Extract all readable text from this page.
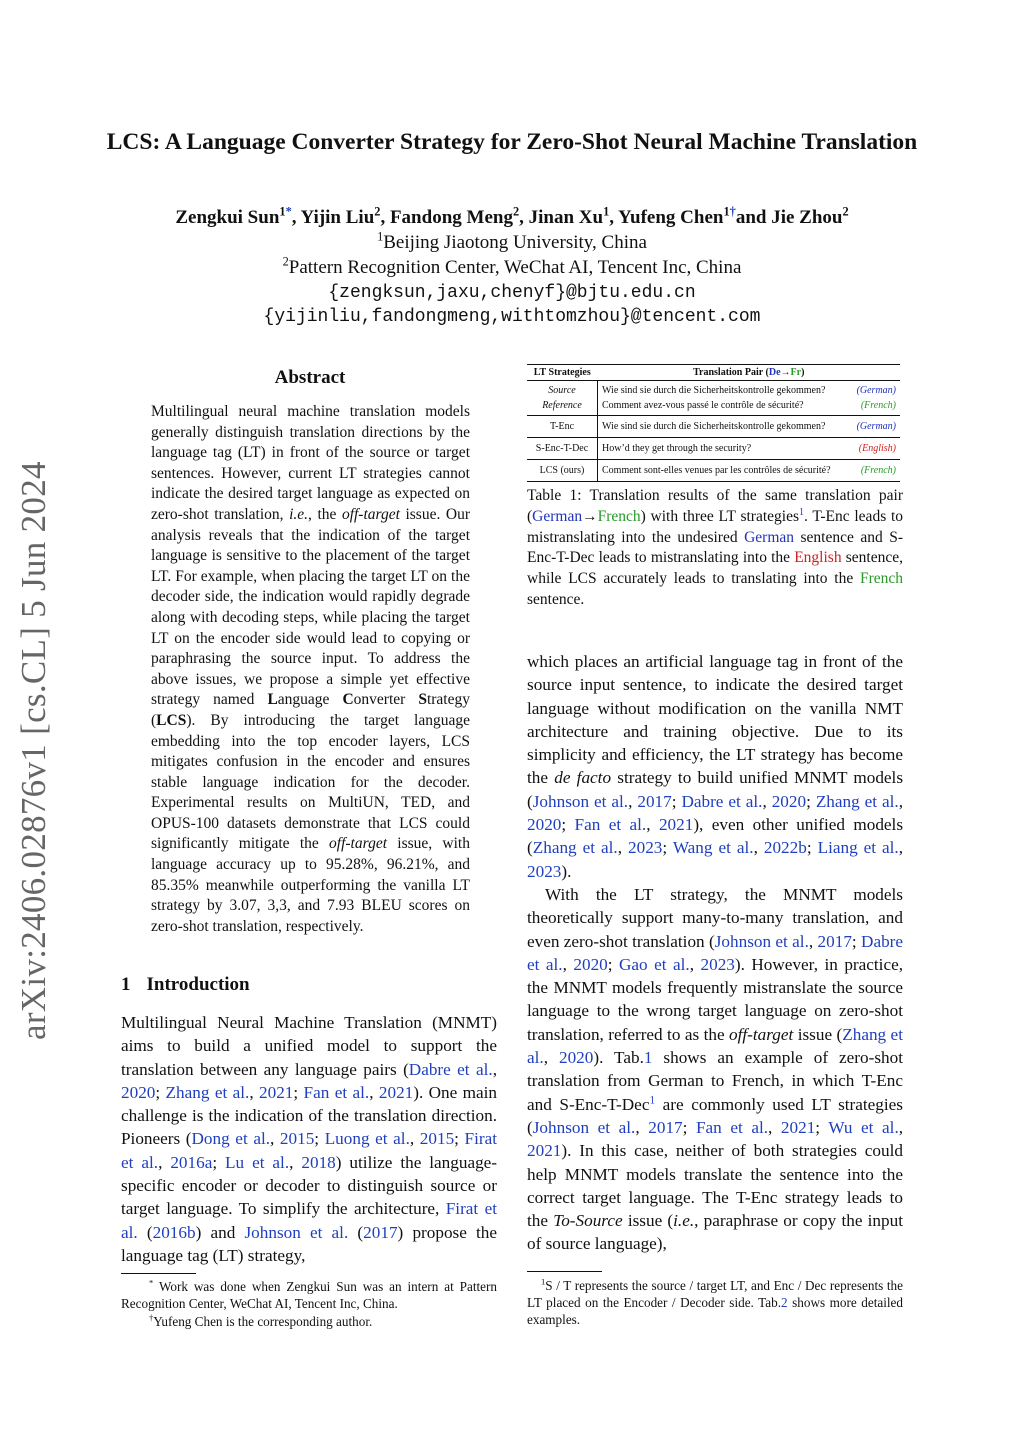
arXiv:2406.02876v1 [cs.CL] 5 Jun 2024
LCS: A Language Converter Strategy for Zero-Shot Neural Machine Translation
Zengkui Sun$^{1*}$, Yijin Liu$^2$, Fandong Meng$^2$, Jinan Xu$^1$, Yufeng Chen$^{1\dagger}$and Jie Zhou$^2$
$^1$Beijing Jiaotong University, China
$^2$Pattern Recognition Center, WeChat AI, Tencent Inc, China
{zengksun,jaxu,chenyf}@bjtu.edu.cn
{yijinliu,fandongmeng,withtomzhou}@tencent.com
Abstract
Multilingual neural machine translation models generally distinguish translation directions by the language tag (LT) in front of the source or target sentences. However, current LT strategies cannot indicate the desired target language as expected on zero-shot translation, i.e., the off-target issue. Our analysis reveals that the indication of the target language is sensitive to the placement of the target LT. For example, when placing the target LT on the decoder side, the indication would rapidly degrade along with decoding steps, while placing the target LT on the encoder side would lead to copying or paraphrasing the source input. To address the above issues, we propose a simple yet effective strategy named Language Converter Strategy (LCS). By introducing the target language embedding into the top encoder layers, LCS mitigates confusion in the encoder and ensures stable language indication for the decoder. Experimental results on MultiUN, TED, and OPUS-100 datasets demonstrate that LCS could significantly mitigate the off-target issue, with language accuracy up to 95.28%, 96.21%, and 85.35% meanwhile outperforming the vanilla LT strategy by 3.07, 3,3, and 7.93 BLEU scores on zero-shot translation, respectively.
1 Introduction

Multilingual Neural Machine Translation (MNMT) aims to build a unified model to support the translation between any language pairs (Dabre et al., 2020; Zhang et al., 2021; Fan et al., 2021). One main challenge is the indication of the translation direction. Pioneers (Dong et al., 2015; Luong et al., 2015; Firat et al., 2016a; Lu et al., 2018) utilize the language-specific encoder or decoder to distinguish source or target language. To simplify the architecture, Firat et al. (2016b) and Johnson et al. (2017) propose the language tag (LT) strategy,

* Work was done when Zengkui Sun was an intern at Pattern Recognition Center, WeChat AI, Tencent Inc, China.
†Yufeng Chen is the corresponding author.
LT Strategies	Translation Pair (De→Fr)	
Source	Wie sind sie durch die Sicherheitskontrolle gekommen?	(German)
Reference	Comment avez-vous passé le contrôle de sécurité?	(French)
T-Enc	Wie sind sie durch die Sicherheitskontrolle gekommen?	(German)
S-Enc-T-Dec	How’d they get through the security?	(English)
LCS (ours)	Comment sont-elles venues par les contrôles de sécurité?	(French)
Table 1: Translation results of the same translation pair (German→French) with three LT strategies$^1$. T-Enc leads to mistranslating into the undesired German sentence and S-Enc-T-Dec leads to mistranslating into the English sentence, while LCS accurately leads to translating into the French sentence.

which places an artificial language tag in front of the source input sentence, to indicate the desired target language without modification on the vanilla NMT architecture and training objective. Due to its simplicity and efficiency, the LT strategy has become the de facto strategy to build unified MNMT models (Johnson et al., 2017; Dabre et al., 2020; Zhang et al., 2020; Fan et al., 2021), even other unified models (Zhang et al., 2023; Wang et al., 2022b; Liang et al., 2023).

With the LT strategy, the MNMT models theoretically support many-to-many translation, and even zero-shot translation (Johnson et al., 2017; Dabre et al., 2020; Gao et al., 2023). However, in practice, the MNMT models frequently mistranslate the source language to the wrong target language on zero-shot translation, referred to as the off-target issue (Zhang et al., 2020). Tab.1 shows an example of zero-shot translation from German to French, in which T-Enc and S-Enc-T-Dec$^1$ are commonly used LT strategies (Johnson et al., 2017; Fan et al., 2021; Wu et al., 2021). In this case, neither of both strategies could help MNMT models translate the sentence into the correct target language. The T-Enc strategy leads to the To-Source issue (i.e., paraphrase or copy the input of source language),

$^1$S / T represents the source / target LT, and Enc / Dec represents the LT placed on the Encoder / Decoder side. Tab.2 shows more detailed examples.
